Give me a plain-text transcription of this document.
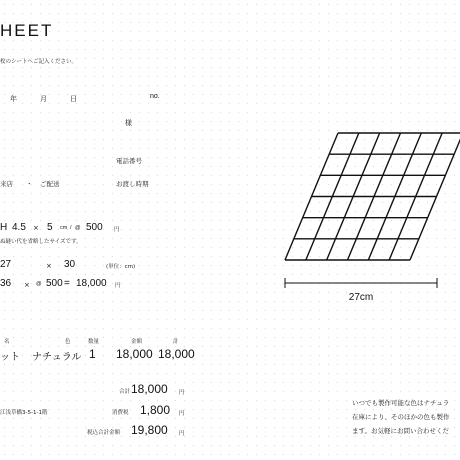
HEET
枚のシートへご記入ください。
年	月	日	no.
様
電話番号
来店 ・ ご配送	お渡し時期
H 4.5 × 5 cm / @ 500 円
ぬ縫い代を省略したサイズです。
27	× 30	(単位：cm)
36 × @ 500 = 18,000 円
名	色	数量	金額	計
ット ナチュラル 1 18,000 18,000
合計 18,000 円
消費税 1,800 円
江浅草橋3-5-1-1階
税込合計金額 19,800 円
いつでも製作可能な色はナチュラ
在庫により、そのほかの色も製作
ます。お気軽にお問い合わせくだ
27cm
